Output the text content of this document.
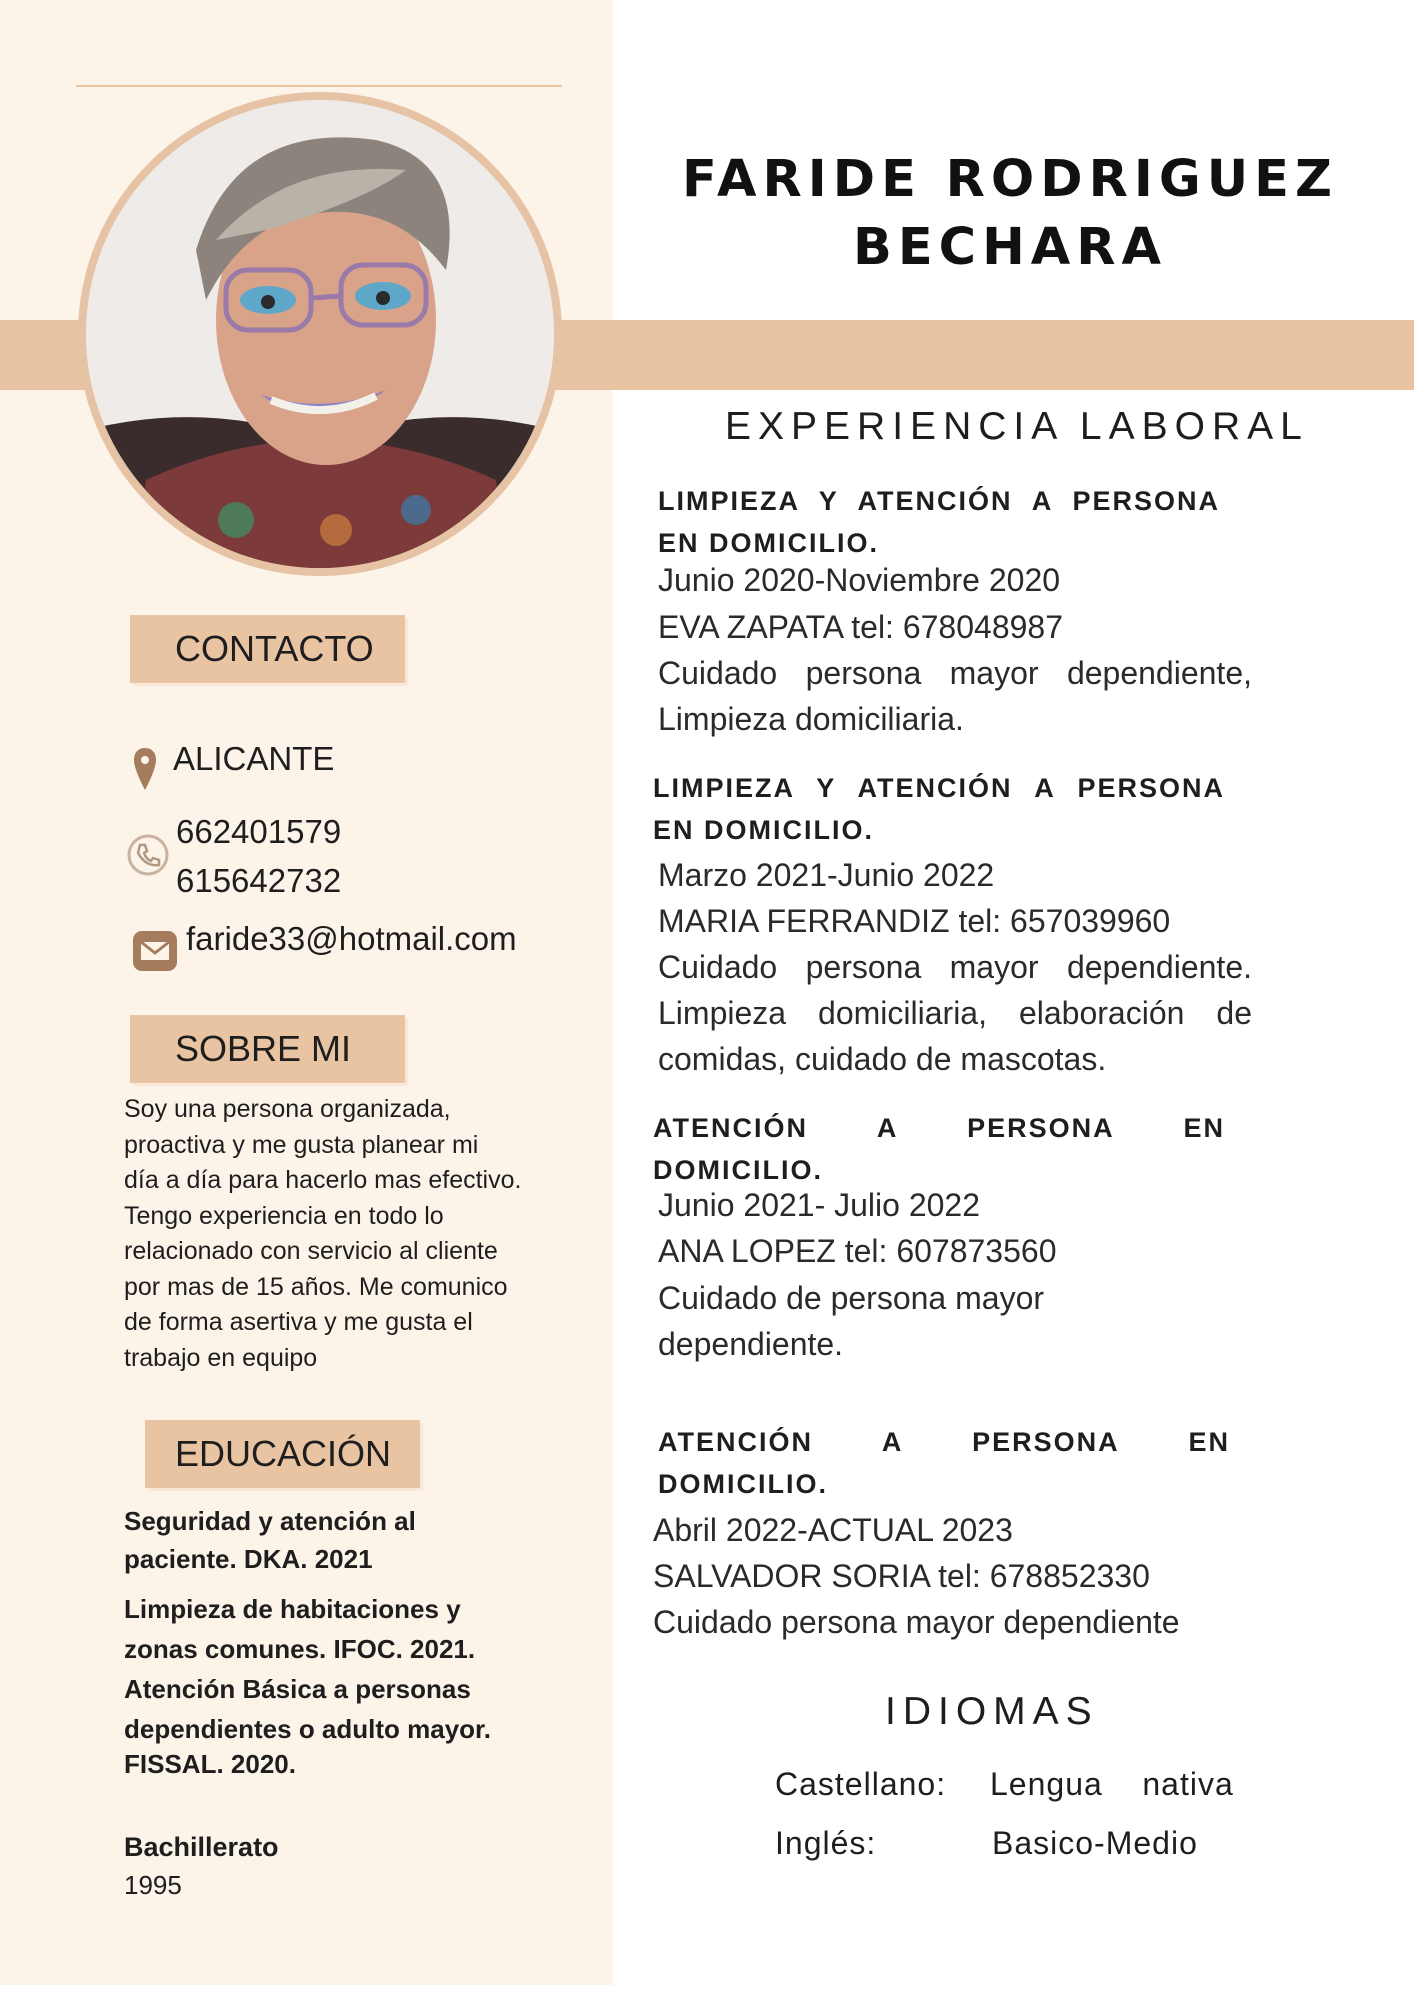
FARIDE RODRIGUEZ
BECHARA
CONTACTO
ALICANTE
662401579
615642732
faride33@hotmail.com
SOBRE MI
Soy una persona organizada,
proactiva y me gusta planear mi
día a día para hacerlo mas efectivo.
Tengo experiencia en todo lo
relacionado con servicio al cliente
por mas de 15 años. Me comunico
de forma asertiva y me gusta el
trabajo en equipo
EDUCACIÓN
Seguridad y atención al
paciente. DKA. 2021
Limpieza de habitaciones y
zonas comunes. IFOC. 2021.
Atención Básica a personas
dependientes o adulto mayor.
FISSAL. 2020.
Bachillerato
1995
EXPERIENCIA LABORAL
LIMPIEZA Y ATENCIÓN A PERSONA
EN DOMICILIO.
Junio 2020-Noviembre 2020
EVA ZAPATA tel: 678048987
Cuidado persona mayor dependiente,
Limpieza domiciliaria.
LIMPIEZA Y ATENCIÓN A PERSONA
EN DOMICILIO.
Marzo 2021-Junio 2022
MARIA FERRANDIZ tel: 657039960
Cuidado persona mayor dependiente.
Limpieza domiciliaria, elaboración de
comidas, cuidado de mascotas.
ATENCIÓN A PERSONA EN
DOMICILIO.
Junio 2021- Julio 2022
ANA LOPEZ tel: 607873560
Cuidado de persona mayor
dependiente.
ATENCIÓN A PERSONA EN
DOMICILIO.
Abril 2022-ACTUAL 2023
SALVADOR SORIA tel: 678852330
Cuidado persona mayor dependiente
IDIOMAS
Castellano: Lengua    nativa
Inglés:	Basico-Medio
